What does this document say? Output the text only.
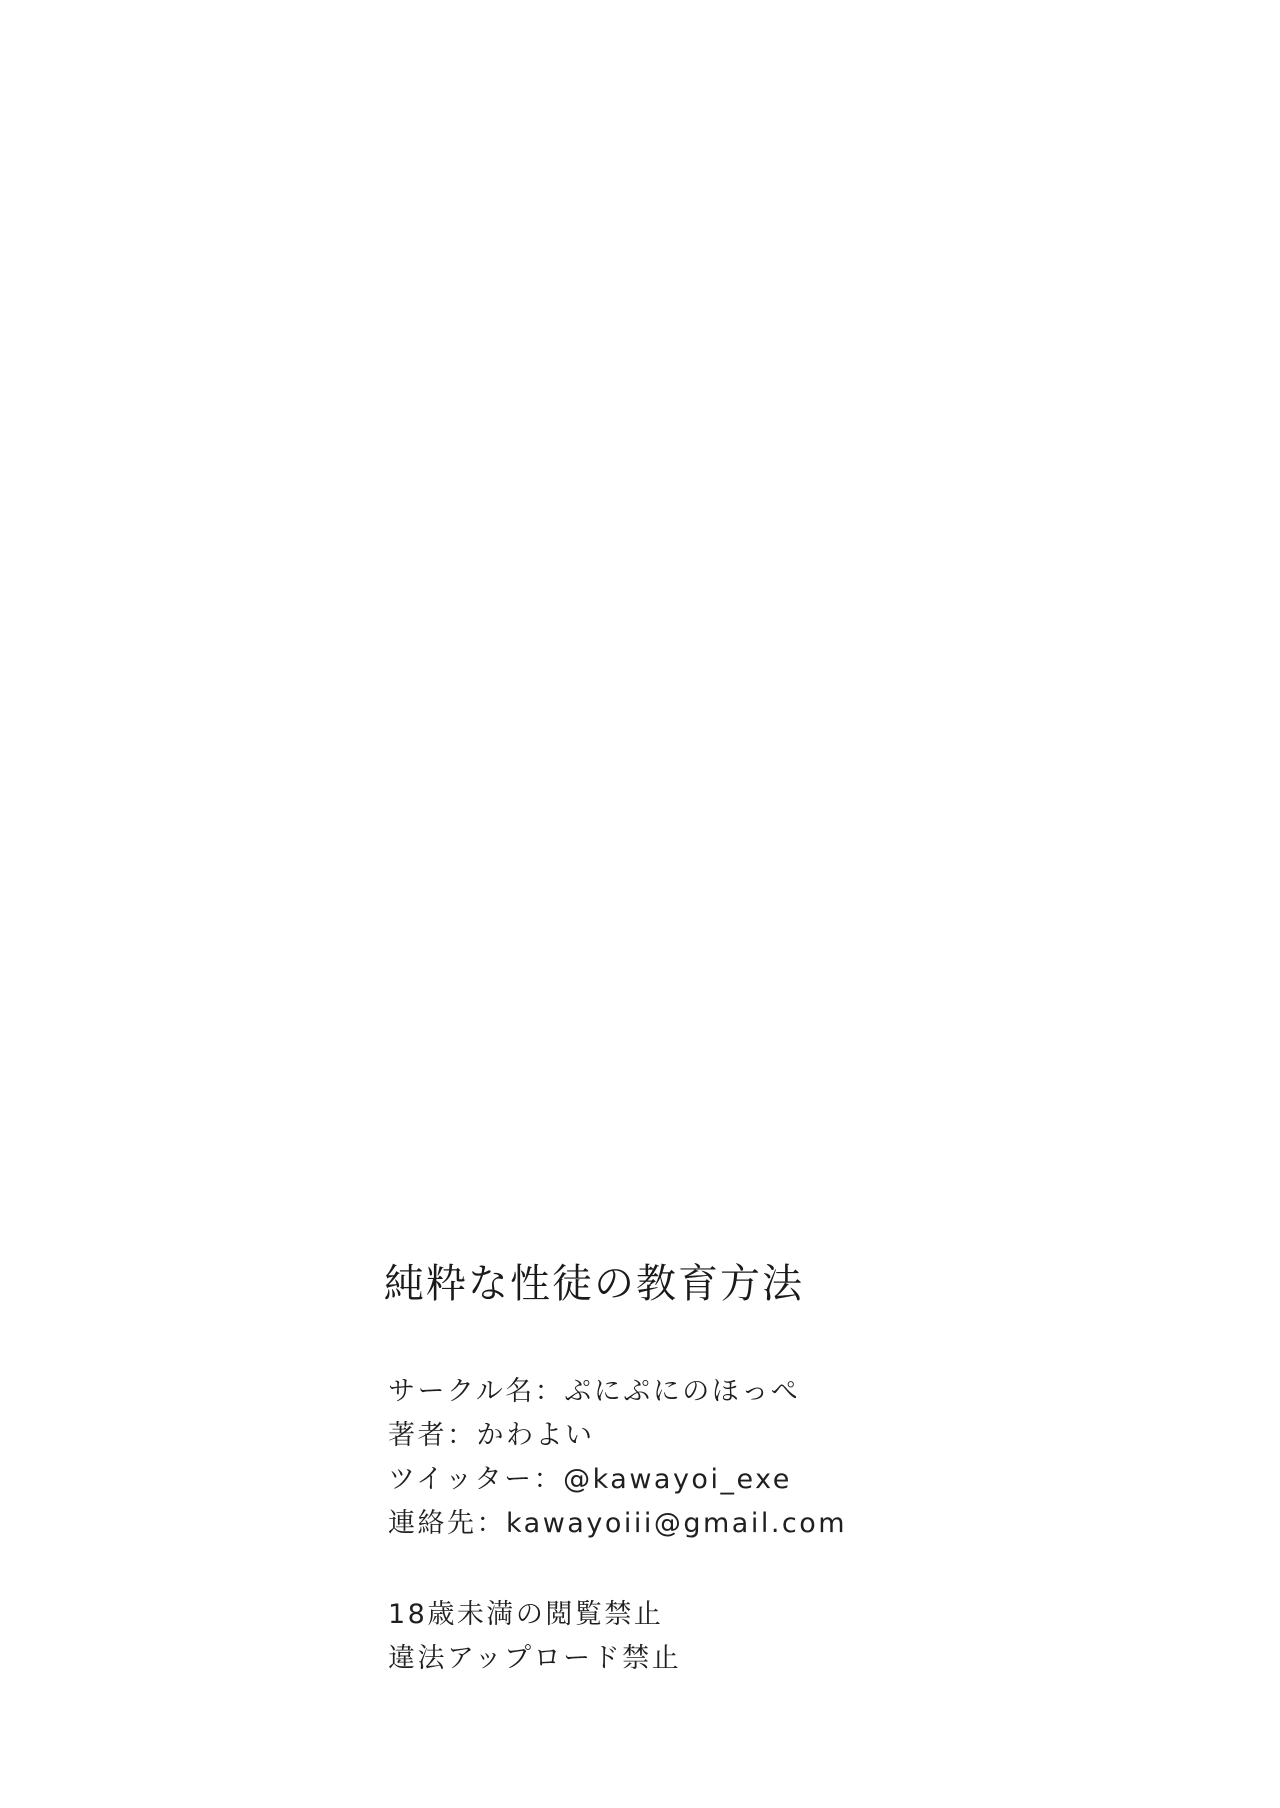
純粋な性徒の教育方法
サークル名：ぷにぷにのほっぺ
著者：かわよい
ツイッター：@kawayoi_exe
連絡先：kawayoiii@gmail.com
18歳未満の閲覧禁止
違法アップロード禁止
